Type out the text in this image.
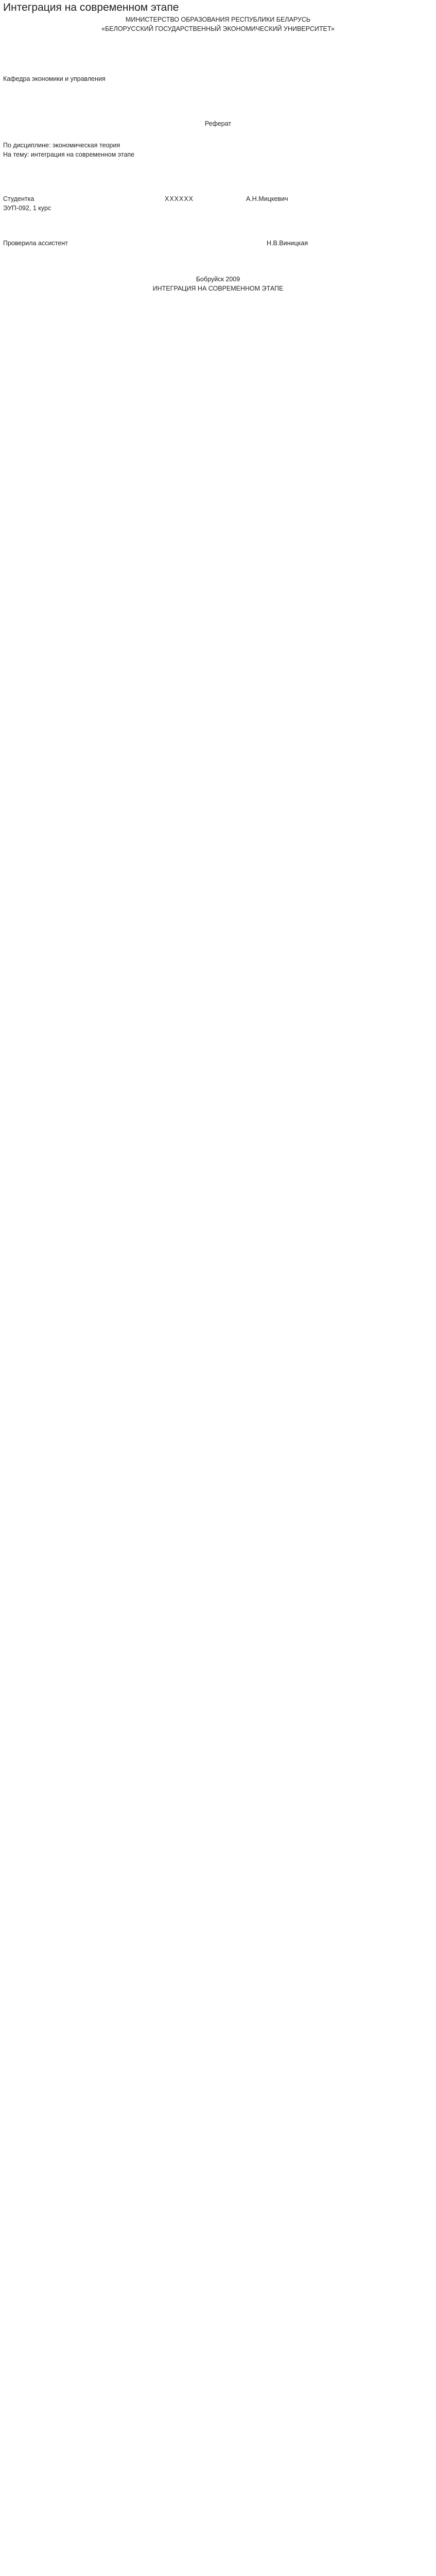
Интеграция на современном этапе
МИНИСТЕРСТВО ОБРАЗОВАНИЯ РЕСПУБЛИКИ БЕЛАРУСЬ
«БЕЛОРУССКИЙ ГОСУДАРСТВЕННЫЙ ЭКОНОМИЧЕСКИЙ УНИВЕРСИТЕТ»
Кафедра экономики и управления
Реферат
По дисциплине: экономическая теория
На тему: интеграция на современном этапе
Студентка	ХХХХХХ	А.Н.Мицкевич
ЭУП-092, 1 курс
Проверила ассистент	Н.В.Виницкая
Бобруйск 2009
ИНТЕГРАЦИЯ НА СОВРЕМЕННОМ ЭТАПЕ
